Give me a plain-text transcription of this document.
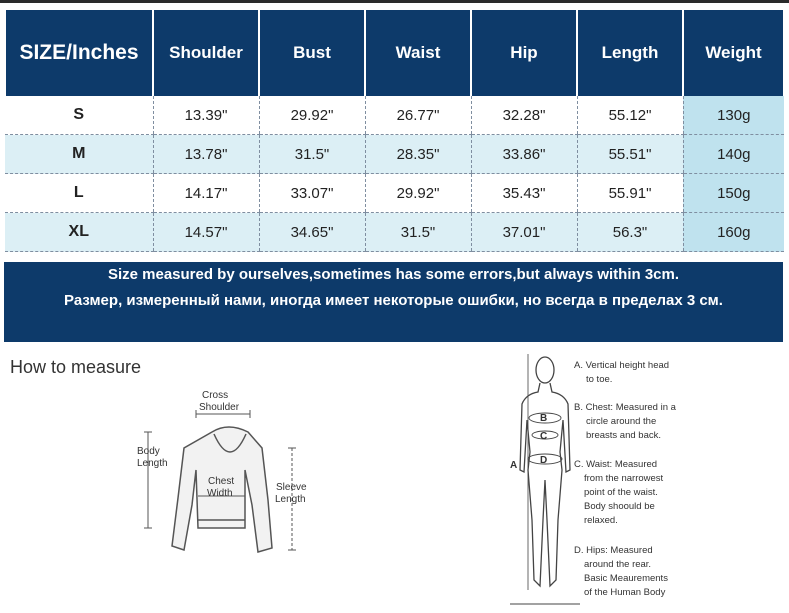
SIZE/Inches	Shoulder	Bust	Waist	Hip	Length	Weight
S	13.39"	29.92"	26.77"	32.28"	55.12"	130g
M	13.78"	31.5"	28.35"	33.86"	55.51"	140g
L	14.17"	33.07"	29.92"	35.43"	55.91"	150g
XL	14.57"	34.65"	31.5"	37.01"	56.3"	160g
Size measured by ourselves,sometimes has some errors,but always within 3cm.
Размер, измеренный нами, иногда имеет некоторые ошибки, но всегда в пределах 3 см.
How to measure
Cross
Shoulder
Body
Length
Chest
Width
Sleeve
Length
A
B
C
D
A. Vertical height head
to toe.
B. Chest: Measured in a
circle around the
breasts and back.
C. Waist: Measured
from the narrowest
point of the waist.
Body shoould be
relaxed.
D. Hips: Measured
around the rear.
Basic Meaurements
of the Human Body
